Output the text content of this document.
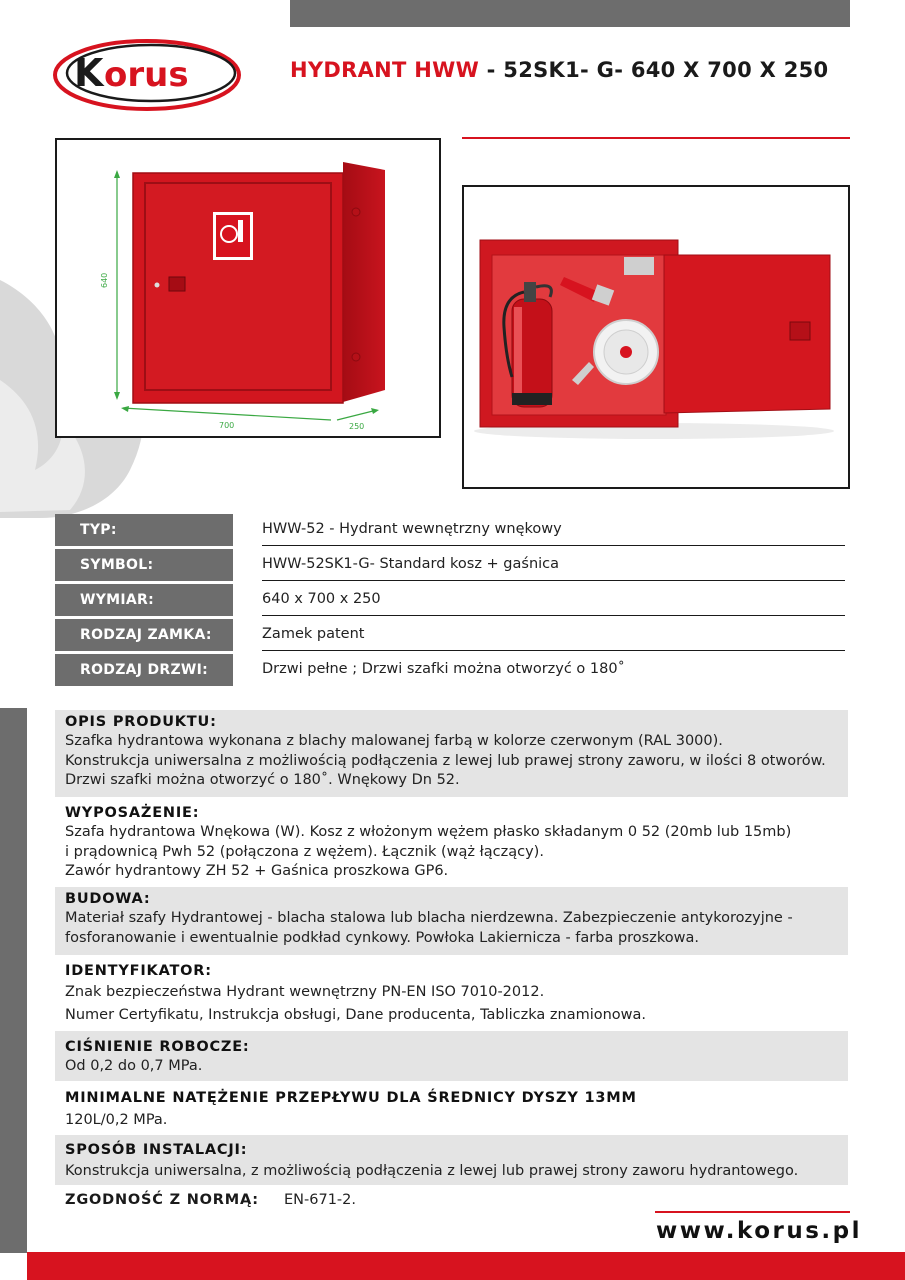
K orus	HYDRANT HWW - 52SK1- G- 640 X 700 X 250
640
700	250
TYP:	HWW-52 - Hydrant wewnętrzny wnękowy
SYMBOL:	HWW-52SK1-G- Standard kosz + gaśnica
WYMIAR:	640 x 700 x 250
RODZAJ ZAMKA:	Zamek patent
RODZAJ DRZWI:	Drzwi pełne ; Drzwi szafki można otworzyć o 180˚
OPIS PRODUKTU:
Szafka hydrantowa wykonana z blachy malowanej farbą w kolorze czerwonym (RAL 3000).
Konstrukcja uniwersalna z możliwością podłączenia z lewej lub prawej strony zaworu, w ilości 8 otworów.
Drzwi szafki można otworzyć o 180˚. Wnękowy Dn 52.
WYPOSAŻENIE:
Szafa hydrantowa Wnękowa (W). Kosz z włożonym wężem płasko składanym 0 52 (20mb lub 15mb)
i prądownicą Pwh 52 (połączona z wężem). Łącznik (wąż łączący).
Zawór hydrantowy ZH 52 + Gaśnica proszkowa GP6.
BUDOWA:
Materiał szafy Hydrantowej - blacha stalowa lub blacha nierdzewna. Zabezpieczenie antykorozyjne -
fosforanowanie i ewentualnie podkład cynkowy. Powłoka Lakiernicza - farba proszkowa.
IDENTYFIKATOR:
Znak bezpieczeństwa Hydrant wewnętrzny PN-EN ISO 7010-2012.
Numer Certyfikatu, Instrukcja obsługi, Dane producenta, Tabliczka znamionowa.
CIŚNIENIE ROBOCZE:
Od 0,2 do 0,7 MPa.
MINIMALNE NATĘŻENIE PRZEPŁYWU DLA ŚREDNICY DYSZY 13MM
120L/0,2 MPa.
SPOSÓB INSTALACJI:
Konstrukcja uniwersalna, z możliwością podłączenia z lewej lub prawej strony zaworu hydrantowego.
ZGODNOŚĆ Z NORMĄ: EN-671-2.
www.korus.pl
